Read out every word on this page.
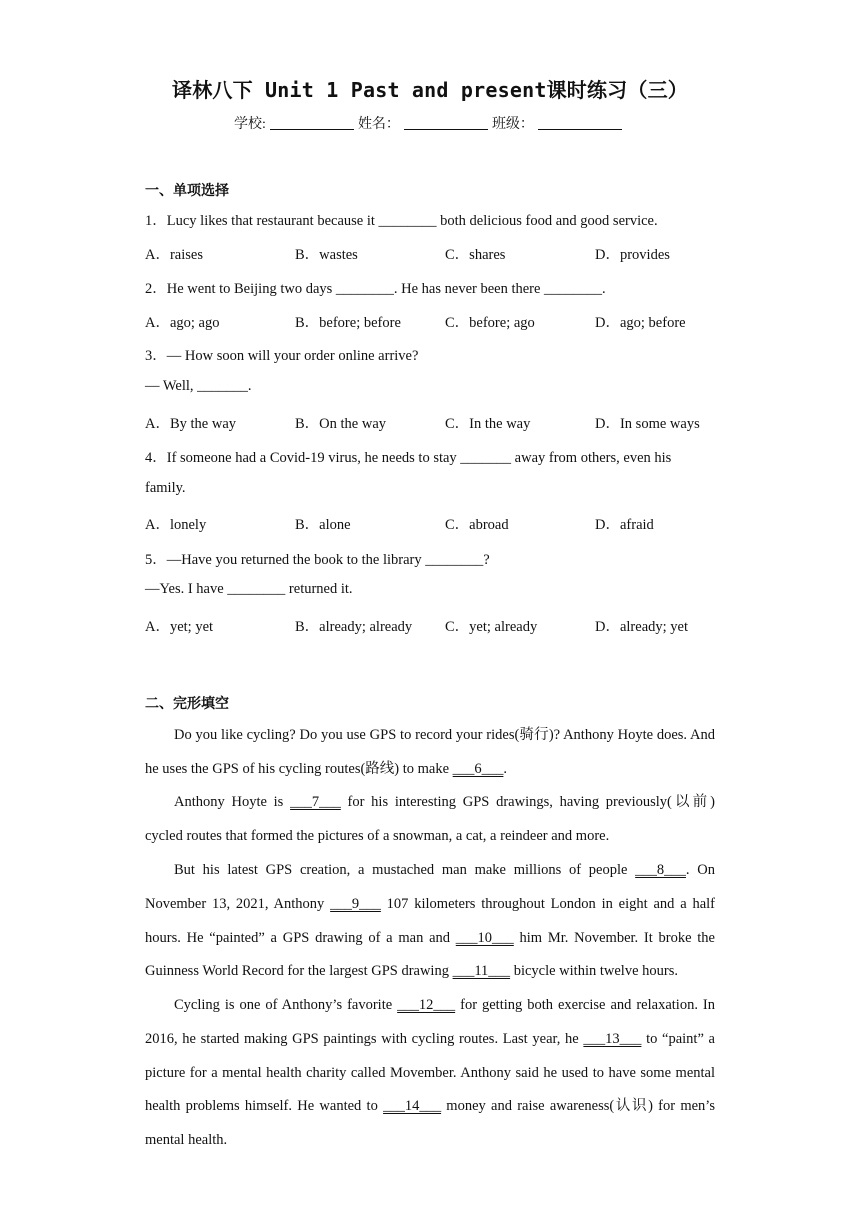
译林八下 Unit 1 Past and present课时练习（三）
学校:	姓名：	班级：
一、单项选择
1．Lucy likes that restaurant because it ________ both delicious food and good service.
A．raises	B．wastes	C．shares	D．provides
2．He went to Beijing two days ________. He has never been there ________.
A．ago; ago	B．before; before	C．before; ago	D．ago; before
3．— How soon will your order online arrive?
— Well, _______.
A．By the way	B．On the way	C．In the way	D．In some ways
4．If someone had a Covid-19 virus, he needs to stay _______ away from others, even his
family.
A．lonely	B．alone	C．abroad	D．afraid
5．—Have you returned the book to the library ________?
—Yes. I have ________ returned it.
A．yet; yet	B．already; already C．yet; already	D．already; yet
二、完形填空
Do you like cycling? Do you use GPS to record your rides(骑行)? Anthony Hoyte does. And he uses the GPS of his cycling routes(路线) to make ___6___.
Anthony Hoyte is ___7___ for his interesting GPS drawings, having previously(以前) cycled routes that formed the pictures of a snowman, a cat, a reindeer and more.
But his latest GPS creation, a mustached man make millions of people ___8___. On November 13, 2021, Anthony ___9___ 107 kilometers throughout London in eight and a half hours. He “painted” a GPS drawing of a man and ___10___ him Mr. November. It broke the Guinness World Record for the largest GPS drawing ___11___ bicycle within twelve hours.
Cycling is one of Anthony’s favorite ___12___ for getting both exercise and relaxation. In 2016, he started making GPS paintings with cycling routes. Last year, he ___13___ to “paint” a picture for a mental health charity called Movember. Anthony said he used to have some mental health problems himself. He wanted to ___14___ money and raise awareness(认识) for men’s mental health.
